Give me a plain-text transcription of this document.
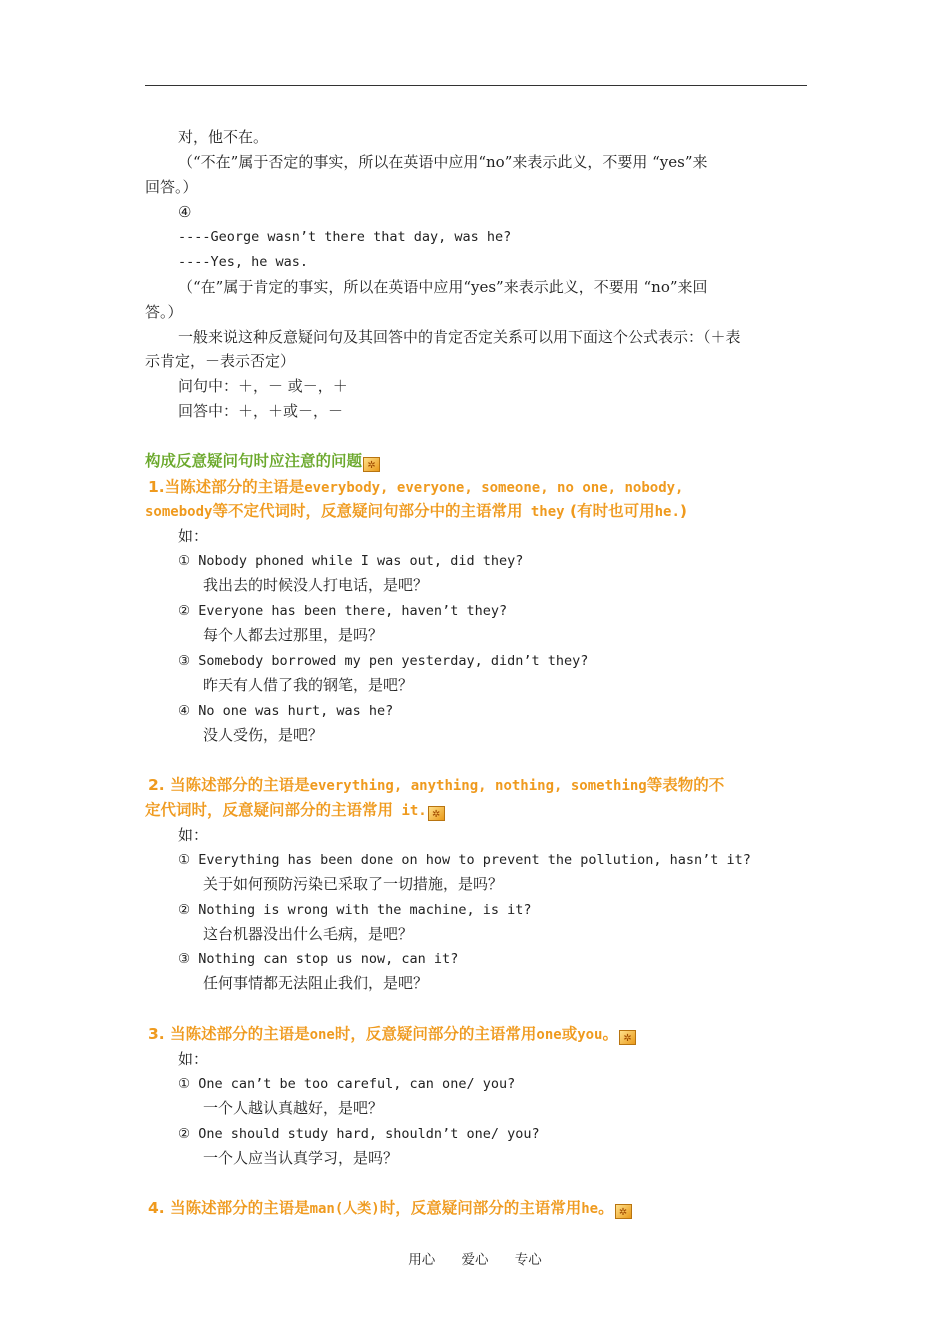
对，他不在。
（“不在”属于否定的事实，所以在英语中应用“no”来表示此义，不要用 “yes”来
回答。）
④
----George wasn’t there that day, was he?
----Yes, he was.
（“在”属于肯定的事实，所以在英语中应用“yes”来表示此义，不要用 “no”来回
答。）
一般来说这种反意疑问句及其回答中的肯定否定关系可以用下面这个公式表示：（＋表
示肯定，－表示否定）
问句中：＋，－ 或－，＋
回答中：＋，＋或－，－
构成反意疑问句时应注意的问题 ✲
1.当陈述部分的主语是everybody, everyone, someone, no one, nobody,
somebody等不定代词时，反意疑问句部分中的主语常用 they (有时也可用he.)
如：
① Nobody phoned while I was out, did they?
我出去的时候没人打电话，是吧？
② Everyone has been there, haven’t they?
每个人都去过那里，是吗？
③ Somebody borrowed my pen yesterday, didn’t they?
昨天有人借了我的钢笔，是吧？
④ No one was hurt, was he?
没人受伤，是吧？
2. 当陈述部分的主语是everything, anything, nothing, something等表物的不
定代词时，反意疑问部分的主语常用 it. ✲
如：
① Everything has been done on how to prevent the pollution, hasn’t it?
关于如何预防污染已采取了一切措施，是吗？
② Nothing is wrong with the machine, is it?
这台机器没出什么毛病，是吧？
③ Nothing can stop us now, can it?
任何事情都无法阻止我们，是吧？
3. 当陈述部分的主语是one时，反意疑问部分的主语常用one或you。 ✲
如：
① One can’t be too careful, can one/ you?
一个人越认真越好，是吧？
② One should study hard, shouldn’t one/ you?
一个人应当认真学习，是吗？
4. 当陈述部分的主语是man(人类)时，反意疑问部分的主语常用he。 ✲
用心 爱心 专心
